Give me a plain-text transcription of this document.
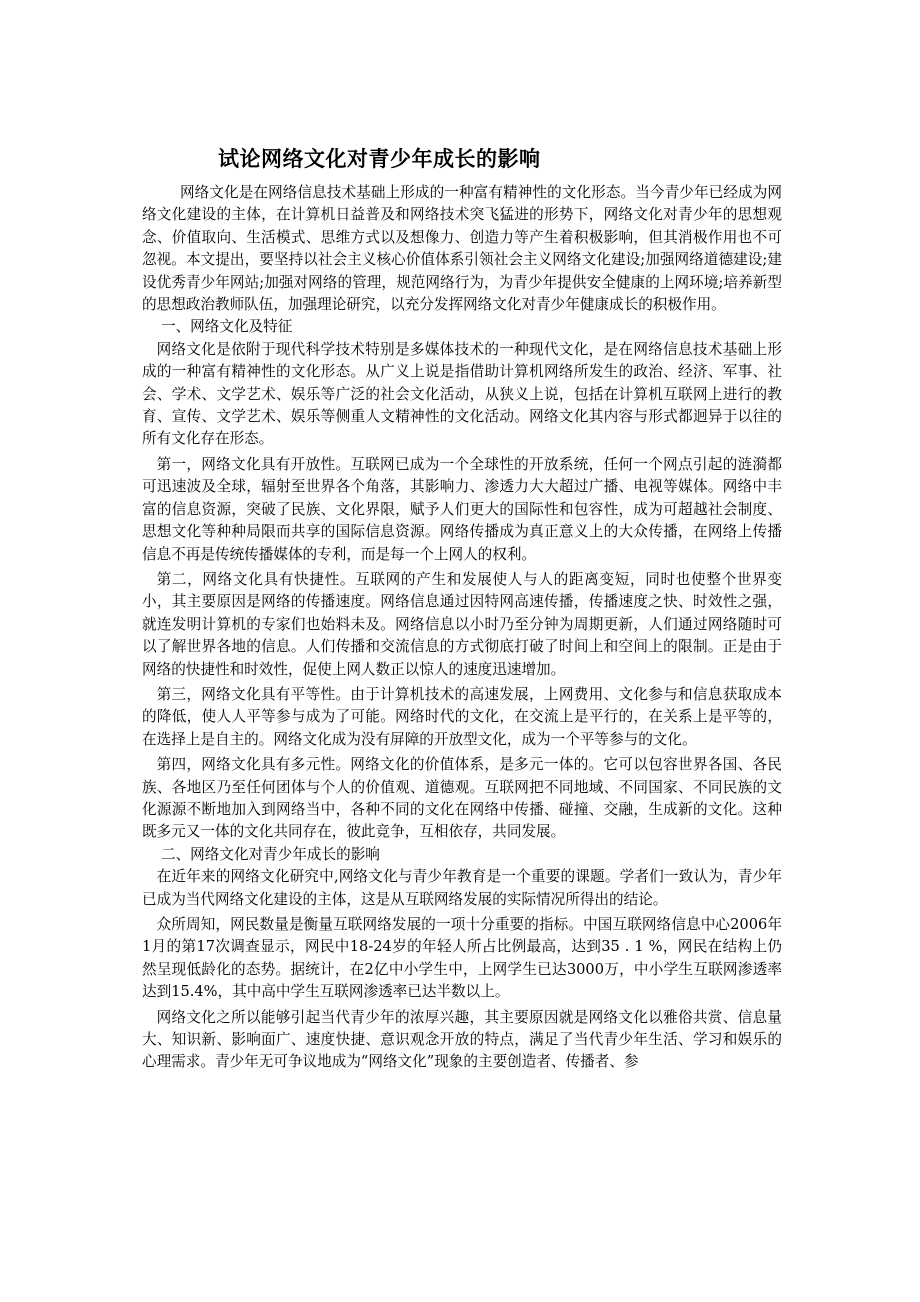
试论网络文化对青少年成长的影响

网络文化是在网络信息技术基础上形成的一种富有精神性的文化形态。当今青少年已经成为网络文化建设的主体，在计算机日益普及和网络技术突飞猛进的形势下，网络文化对青少年的思想观念、价值取向、生活模式、思维方式以及想像力、创造力等产生着积极影响，但其消极作用也不可忽视。本文提出，要坚持以社会主义核心价值体系引领社会主义网络文化建设;加强网络道德建设;建设优秀青少年网站;加强对网络的管理，规范网络行为，为青少年提供安全健康的上网环境;培养新型的思想政治教师队伍，加强理论研究，以充分发挥网络文化对青少年健康成长的积极作用。

一、网络文化及特征

网络文化是依附于现代科学技术特别是多媒体技术的一种现代文化，是在网络信息技术基础上形成的一种富有精神性的文化形态。从广义上说是指借助计算机网络所发生的政治、经济、军事、社会、学术、文学艺术、娱乐等广泛的社会文化活动，从狭义上说，包括在计算机互联网上进行的教育、宣传、文学艺术、娱乐等侧重人文精神性的文化活动。网络文化其内容与形式都迥异于以往的所有文化存在形态。

第一，网络文化具有开放性。互联网已成为一个全球性的开放系统，任何一个网点引起的涟漪都可迅速波及全球，辐射至世界各个角落，其影响力、渗透力大大超过广播、电视等媒体。网络中丰富的信息资源，突破了民族、文化界限，赋予人们更大的国际性和包容性，成为可超越社会制度、思想文化等种种局限而共享的国际信息资源。网络传播成为真正意义上的大众传播，在网络上传播信息不再是传统传播媒体的专利，而是每一个上网人的权利。

第二，网络文化具有快捷性。互联网的产生和发展使人与人的距离变短，同时也使整个世界变小，其主要原因是网络的传播速度。网络信息通过因特网高速传播，传播速度之快、时效性之强，就连发明计算机的专家们也始料未及。网络信息以小时乃至分钟为周期更新，人们通过网络随时可以了解世界各地的信息。人们传播和交流信息的方式彻底打破了时间上和空间上的限制。正是由于网络的快捷性和时效性，促使上网人数正以惊人的速度迅速增加。

第三，网络文化具有平等性。由于计算机技术的高速发展，上网费用、文化参与和信息获取成本的降低，使人人平等参与成为了可能。网络时代的文化，在交流上是平行的，在关系上是平等的，在选择上是自主的。网络文化成为没有屏障的开放型文化，成为一个平等参与的文化。

第四，网络文化具有多元性。网络文化的价值体系，是多元一体的。它可以包容世界各国、各民族、各地区乃至任何团体与个人的价值观、道德观。互联网把不同地域、不同国家、不同民族的文化源源不断地加入到网络当中，各种不同的文化在网络中传播、碰撞、交融，生成新的文化。这种既多元又一体的文化共同存在，彼此竞争，互相依存，共同发展。

二、网络文化对青少年成长的影响

在近年来的网络文化研究中,网络文化与青少年教育是一个重要的课题。学者们一致认为，青少年已成为当代网络文化建设的主体，这是从互联网络发展的实际情况所得出的结论。

众所周知，网民数量是衡量互联网络发展的一项十分重要的指标。中国互联网络信息中心2006年1月的第17次调查显示，网民中18-24岁的年轻人所占比例最高，达到35 . 1 %，网民在结构上仍然呈现低龄化的态势。据统计，在2亿中小学生中，上网学生已达3000万，中小学生互联网渗透率达到15.4%，其中高中学生互联网渗透率已达半数以上。

网络文化之所以能够引起当代青少年的浓厚兴趣，其主要原因就是网络文化以雅俗共赏、信息量大、知识新、影响面广、速度快捷、意识观念开放的特点，满足了当代青少年生活、学习和娱乐的心理需求。青少年无可争议地成为“网络文化”现象的主要创造者、传播者、参
